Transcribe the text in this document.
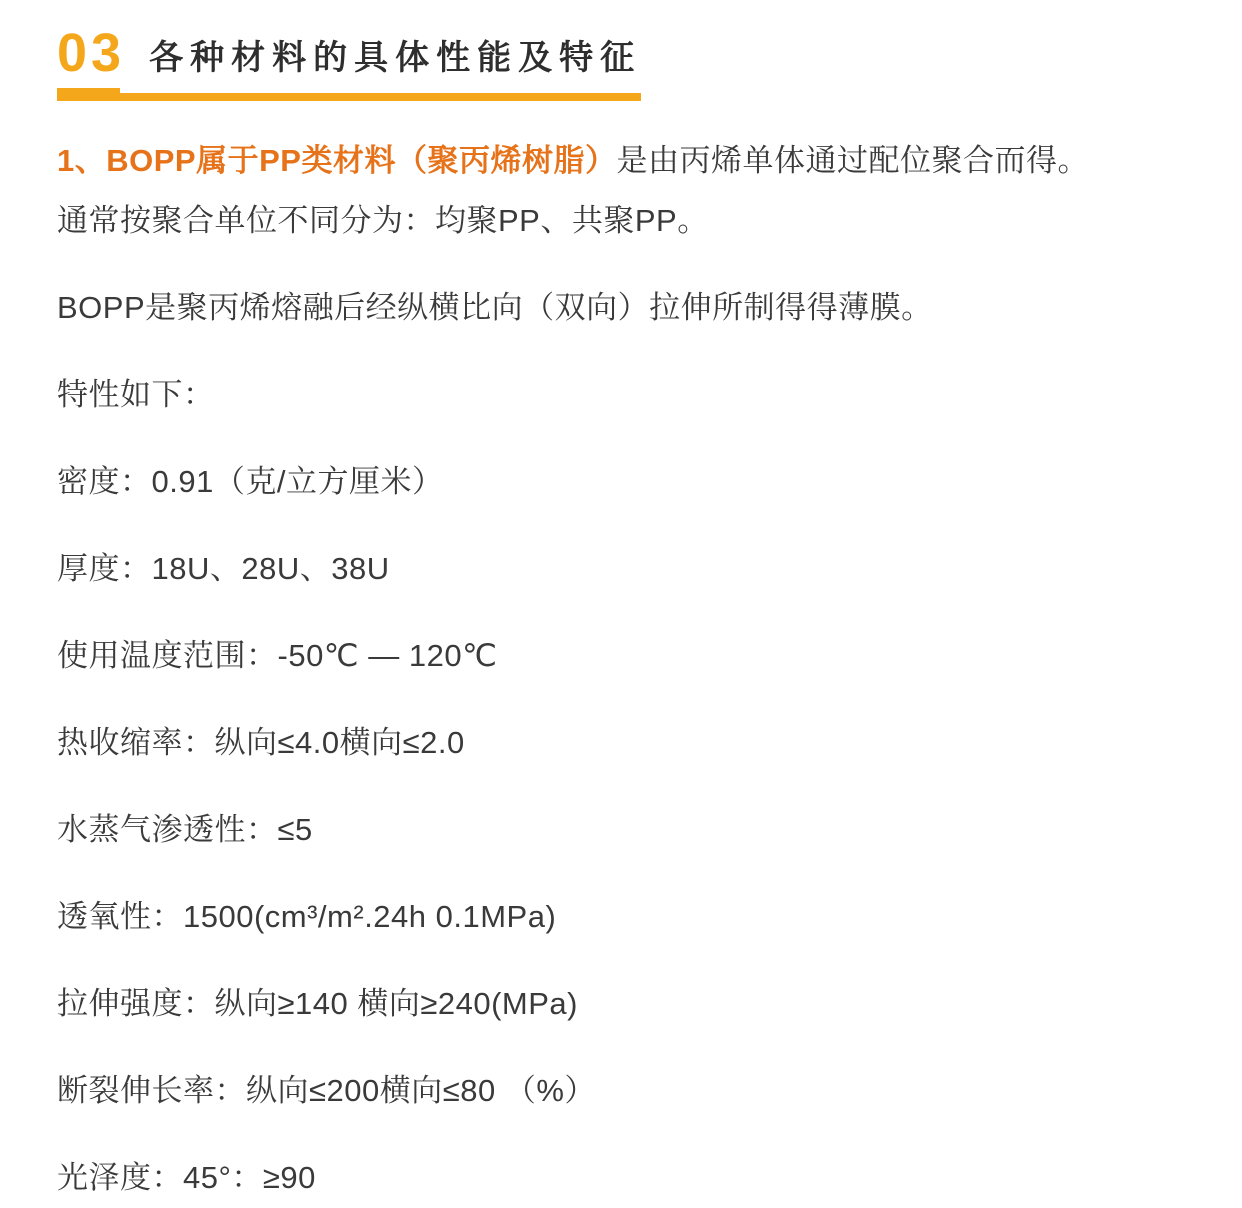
03 各种材料的具体性能及特征

1、BOPP属于PP类材料（聚丙烯树脂）是由丙烯单体通过配位聚合而得。
通常按聚合单位不同分为：均聚PP、共聚PP。

BOPP是聚丙烯熔融后经纵横比向（双向）拉伸所制得得薄膜。

特性如下：

密度：0.91（克/立方厘米）

厚度：18U、28U、38U

使用温度范围：-50℃ — 120℃

热收缩率：纵向≤4.0横向≤2.0

水蒸气渗透性：≤5

透氧性：1500(cm³/m².24h 0.1MPa)

拉伸强度：纵向≥140 横向≥240(MPa)

断裂伸长率：纵向≤200横向≤80 （%）

光泽度：45°：≥90
